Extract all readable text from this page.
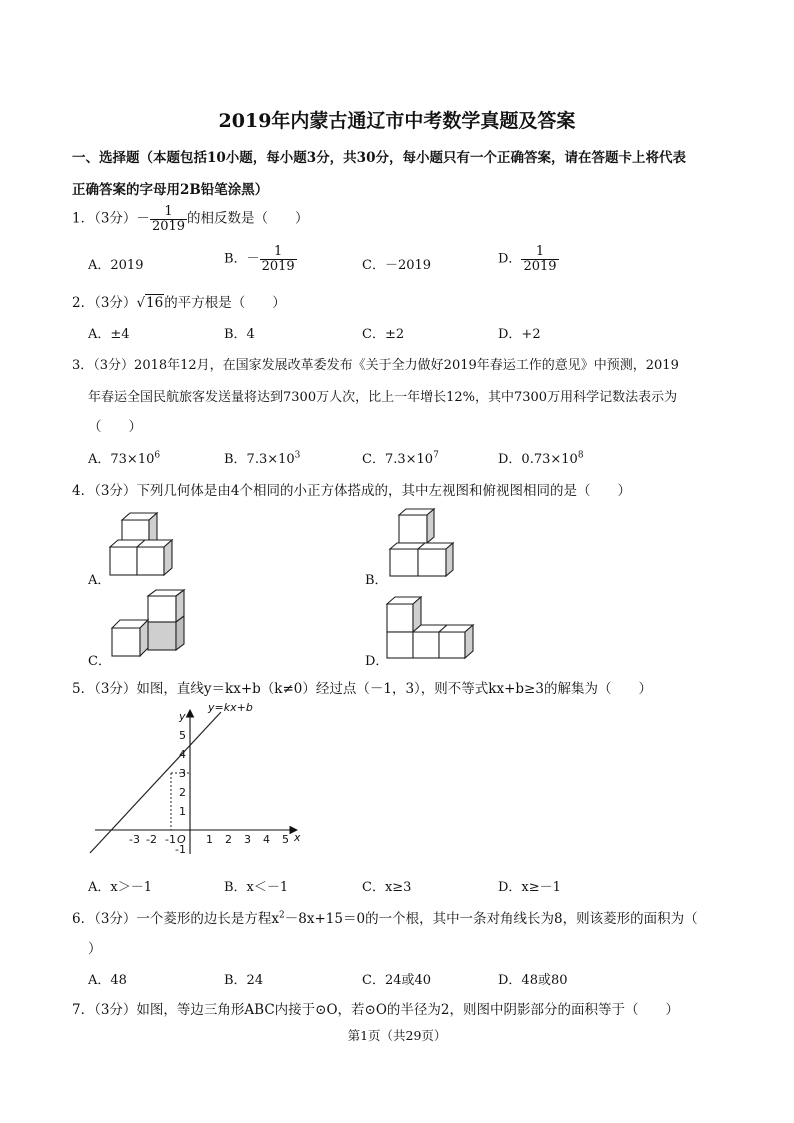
2019年内蒙古通辽市中考数学真题及答案
一、选择题（本题包括10小题，每小题3分，共30分，每小题只有一个正确答案，请在答题卡上将代表
正确答案的字母用2B铅笔涂黑）
1．（3分）－ $\frac{1}{2019}$ 的相反数是（　　）
A．2019	B．－ $\frac{1}{2019}$	C．－2019	D． $\frac{1}{2019}$
2．（3分）√16的平方根是（　　）
A．±4	B．4	C．±2	D．+2
3．（3分）2018年12月，在国家发展改革委发布《关于全力做好2019年春运工作的意见》中预测，2019
年春运全国民航旅客发送量将达到7300万人次，比上一年增长12%，其中7300万用科学记数法表示为
（　　）
A．$73\times 10^6$	B．$7.3\times 10^3$	C．$7.3\times 10^7$	D．$0.73\times 10^8$
4．（3分）下列几何体是由4个相同的小正方体搭成的，其中左视图和俯视图相同的是（　　）
A．	B．
C．	D．
5．（3分）如图，直线y＝kx+b（k≠0）经过点（－1，3），则不等式kx+b≥3的解集为（　　）
y=kx+b
y
x
O
-3 -2 -1	1 2 3 4 5
5
4
3
2
1
-1
A．x＞－1	B．x＜－1	C．x≥3	D．x≥－1
6．（3分）一个菱形的边长是方程$x^2-8x+15=0$的一个根，其中一条对角线长为8，则该菱形的面积为（
）
A．48	B．24	C．24或40	D．48或80
7．（3分）如图，等边三角形ABC内接于⊙O，若⊙O的半径为2，则图中阴影部分的面积等于（　　）
第1页（共29页）
